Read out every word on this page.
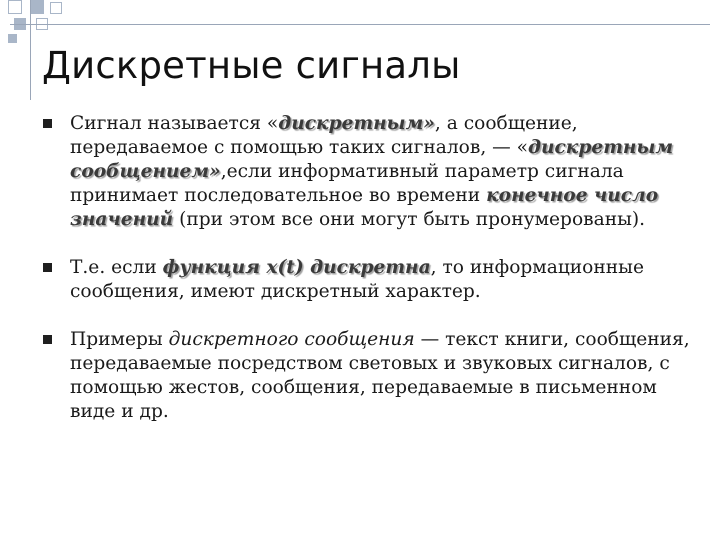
Дискретные сигналы
Сигнал называется «дискретным», а сообщение, передаваемое с помощью таких сигналов, — «дискретным сообщением»,если информативный параметр сигнала принимает последовательное во времени конечное число значений (при этом все они могут быть пронумерованы).
Т.е. если функция x(t) дискретна, то информационные сообщения, имеют дискретный характер.
Примеры дискретного сообщения — текст книги, сообщения, передаваемые посредством световых и звуковых сигналов, с помощью жестов, сообщения, передаваемые в письменном виде и др.
